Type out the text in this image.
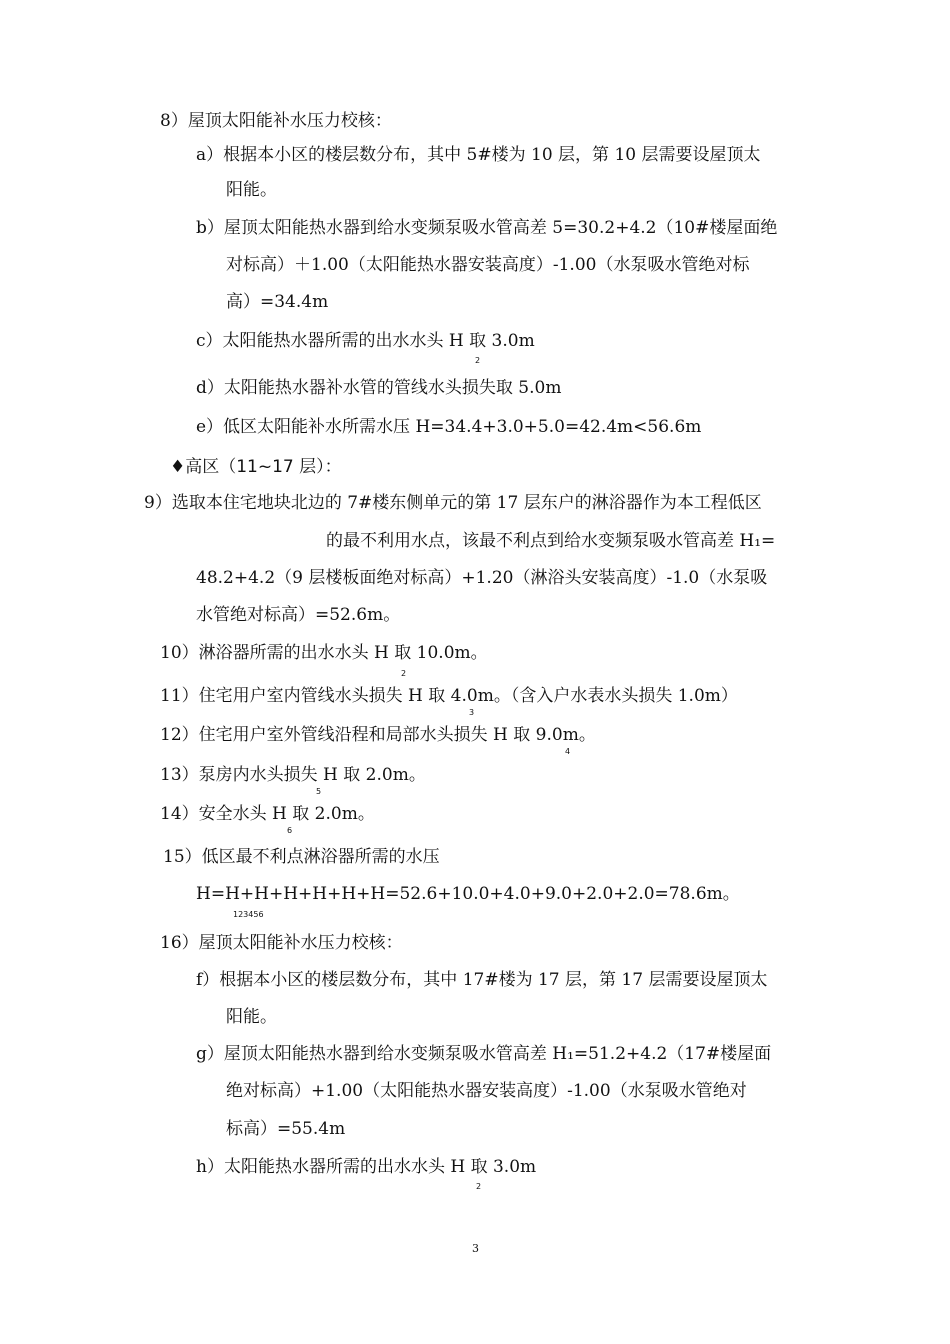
8）屋顶太阳能补水压力校核：
a）根据本小区的楼层数分布，其中 5#楼为 10 层，第 10 层需要设屋顶太
阳能。
b）屋顶太阳能热水器到给水变频泵吸水管高差 5=30.2+4.2（10#楼屋面绝
对标高）＋1.00（太阳能热水器安装高度）-1.00（水泵吸水管绝对标
高）=34.4m
c）太阳能热水器所需的出水水头 H 取 3.0m
2
d）太阳能热水器补水管的管线水头损失取 5.0m
e）低区太阳能补水所需水压 H=34.4+3.0+5.0=42.4m<56.6m
♦高区（11~17 层）：
9）选取本住宅地块北边的 7#楼东侧单元的第 17 层东户的淋浴器作为本工程低区
的最不利用水点，该最不利点到给水变频泵吸水管高差 H₁=
48.2+4.2（9 层楼板面绝对标高）+1.20（淋浴头安装高度）-1.0（水泵吸
水管绝对标高）=52.6m。
10）淋浴器所需的出水水头 H 取 10.0m。
2
11）住宅用户室内管线水头损失 H 取 4.0m。（含入户水表水头损失 1.0m）
3
12）住宅用户室外管线沿程和局部水头损失 H 取 9.0m。
4
13）泵房内水头损失 H 取 2.0m。
5
14）安全水头 H 取 2.0m。
6
15）低区最不利点淋浴器所需的水压
H=H+H+H+H+H+H=52.6+10.0+4.0+9.0+2.0+2.0=78.6m。
123456
16）屋顶太阳能补水压力校核：
f）根据本小区的楼层数分布，其中 17#楼为 17 层，第 17 层需要设屋顶太
阳能。
g）屋顶太阳能热水器到给水变频泵吸水管高差 H₁=51.2+4.2（17#楼屋面
绝对标高）+1.00（太阳能热水器安装高度）-1.00（水泵吸水管绝对
标高）=55.4m
h）太阳能热水器所需的出水水头 H 取 3.0m
2
3
